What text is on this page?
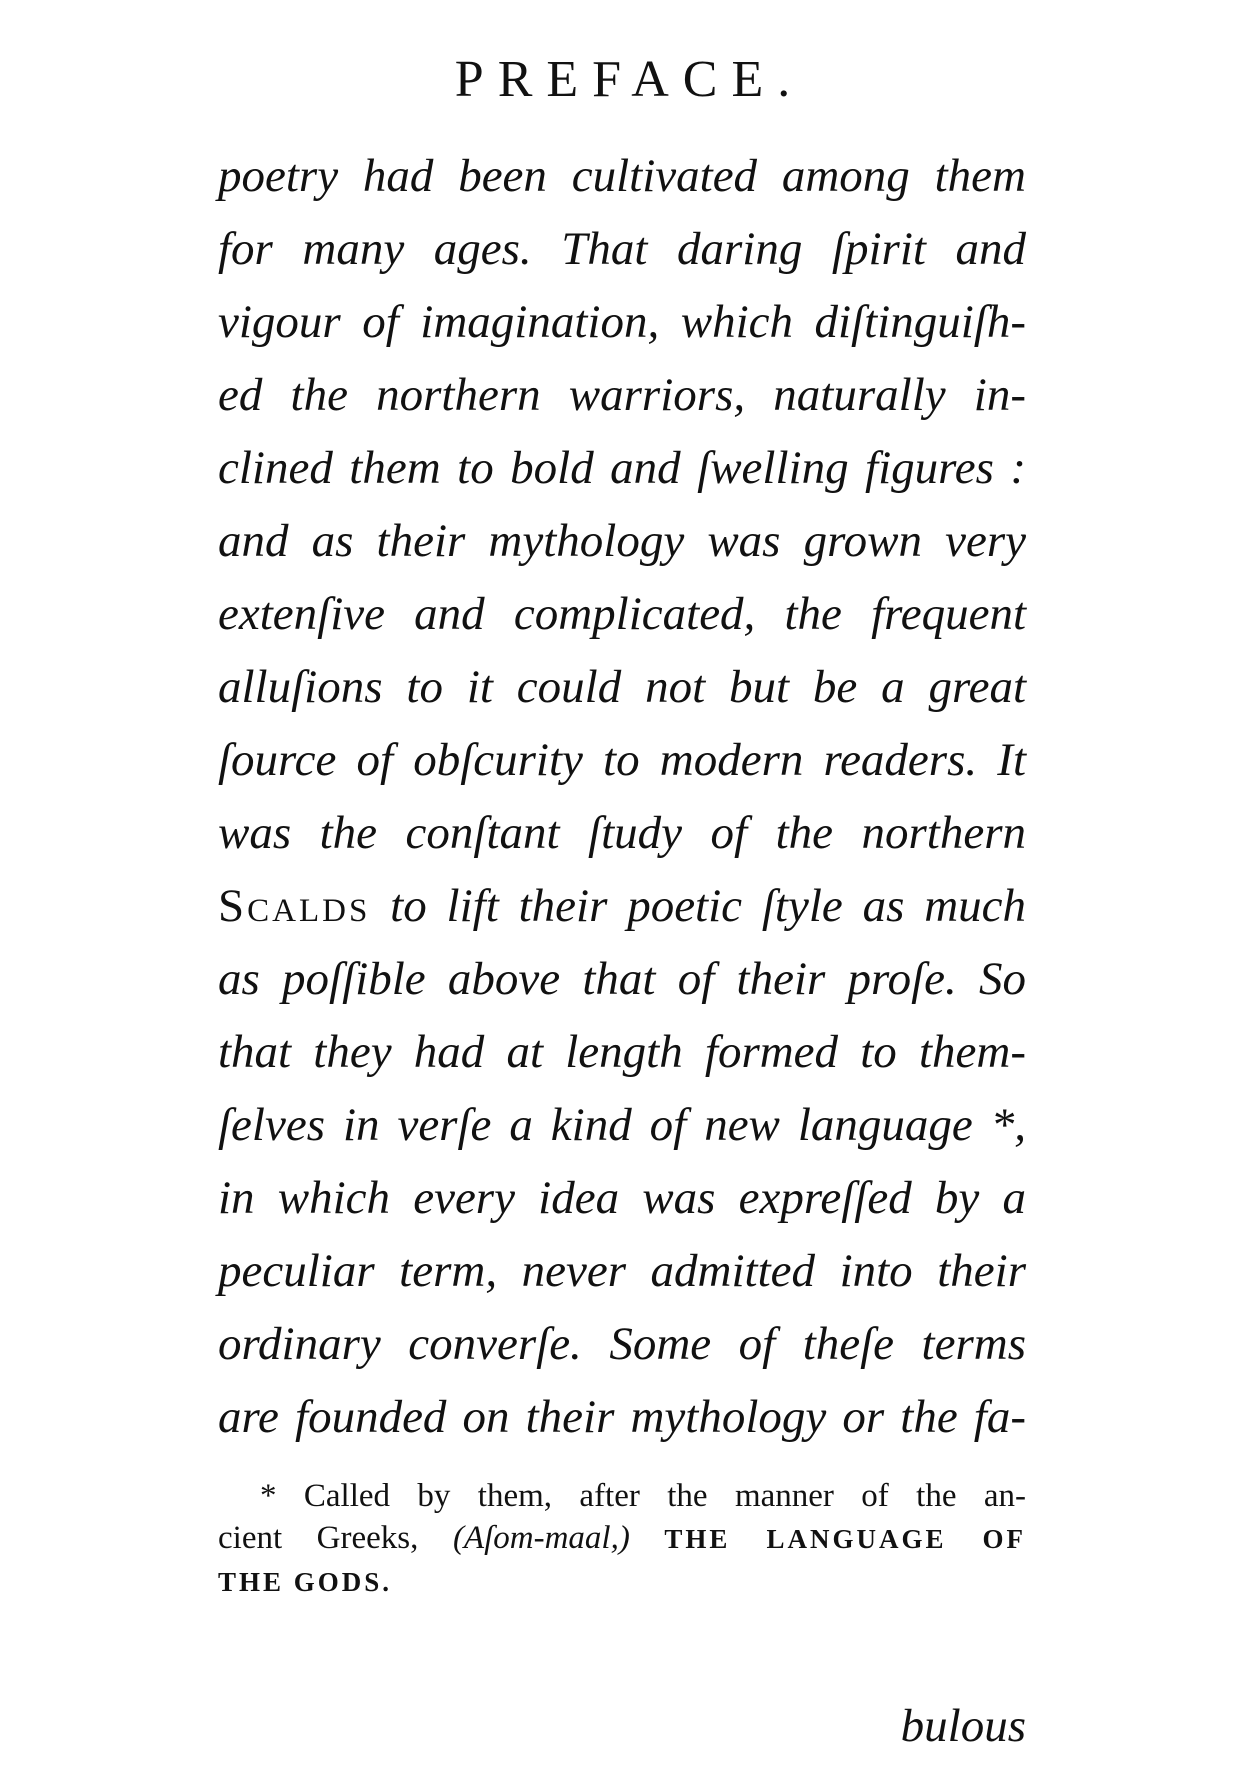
PREFACE.
poetry had been cultivated among them
for many ages. That daring ſpirit and
vigour of imagination, which diſtinguiſh-
ed the northern warriors, naturally in-
clined them to bold and ſwelling figures :
and as their mythology was grown very
extenſive and complicated, the frequent
alluſions to it could not but be a great
ſource of obſcurity to modern readers. It
was the conſtant ſtudy of the northern
Scalds to lift their poetic ſtyle as much
as poſſible above that of their proſe. So
that they had at length formed to them-
ſelves in verſe a kind of new language *,
in which every idea was expreſſed by a
peculiar term, never admitted into their
ordinary converſe. Some of theſe terms
are founded on their mythology or the fa-
* Called by them, after the manner of the an-
cient Greeks, (Aſom-maal,) THE LANGUAGE OF
THE GODS.
bulous
